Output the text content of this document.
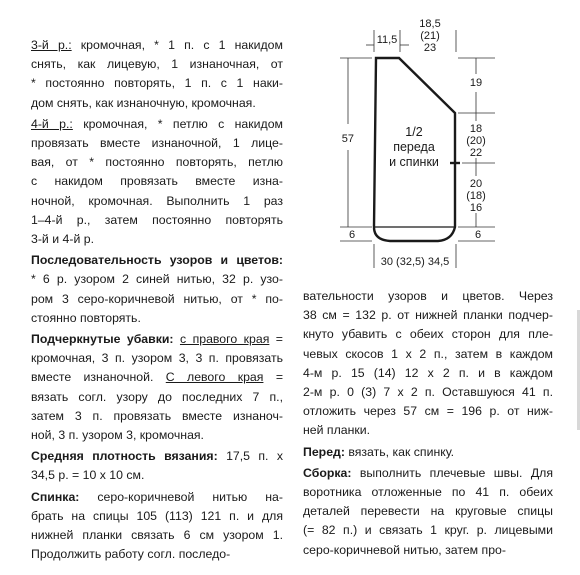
3-й р.: кромочная, * 1 п. с 1 накидом
снять, как лицевую, 1 изнаночная, от
* постоянно повторять, 1 п. с 1 наки-
дом снять, как изнаночную, кромочная.
4-й р.: кромочная, * петлю с накидом
провязать вместе изнаночной, 1 лице-
вая, от * постоянно повторять, петлю
с накидом провязать вместе изна-
ночной, кромочная. Выполнить 1 раз
1–4-й р., затем постоянно повторять
3-й и 4-й р.
Последовательность узоров и цветов:
* 6 р. узором 2 синей нитью, 32 р. узо-
ром 3 серо-коричневой нитью, от * по-
стоянно повторять.
Подчеркнутые убавки: с правого края =
кромочная, 3 п. узором 3, 3 п. провязать
вместе изнаночной. С левого края =
вязать согл. узору до последних 7 п.,
затем 3 п. провязать вместе изнаноч-
ной, 3 п. узором 3, кромочная.
Средняя плотность вязания: 17,5 п. х
34,5 р. = 10 х 10 см.
Спинка: серо-коричневой нитью на-
брать на спицы 105 (113) 121 п. и для
нижней планки связать 6 см узором 1.
Продолжить работу согл. последо-
вательности узоров и цветов. Через
38 см = 132 р. от нижней планки подчер-
кнуто убавить с обеих сторон для пле-
чевых скосов 1 х 2 п., затем в каждом
4-м р. 15 (14) 12 х 2 п. и в каждом
2-м р. 0 (3) 7 х 2 п. Оставшуюся 41 п.
отложить через 57 см = 196 р. от ниж-
ней планки.
Перед: вязать, как спинку.
Сборка: выполнить плечевые швы. Для
воротника отложенные по 41 п. обеих
деталей перевести на круговые спицы
(= 82 п.) и связать 1 круг. р. лицевыми
серо-коричневой нитью, затем про-
11,5
18,5
(21)
23
57
6
19
18
(20)
22
20
(18)
16
6
30 (32,5) 34,5
1/2
переда
и спинки
